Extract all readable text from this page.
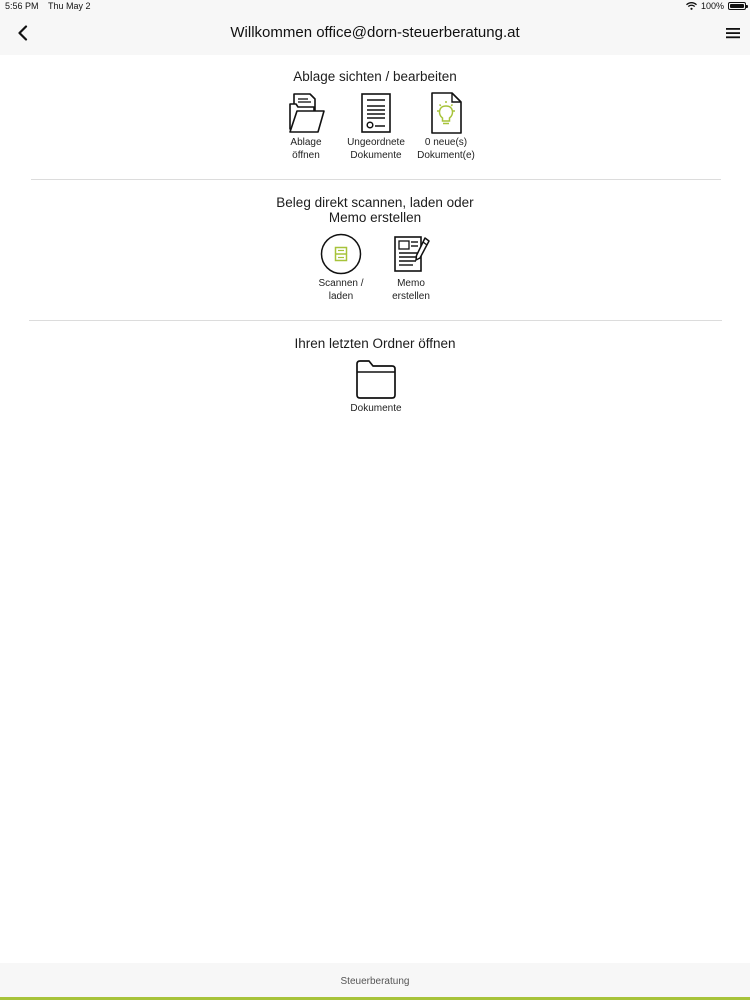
5:56 PM Thu May 2	100%
Willkommen office@dorn-steuerberatung.at
Ablage sichten / bearbeiten
Ablage
öffnen
Ungeordnete
Dokumente
0 neue(s)
Dokument(e)
Beleg direkt scannen, laden oder
Memo erstellen
Scannen /
laden
Memo
erstellen
Ihren letzten Ordner öffnen
Dokumente
Steuerberatung
